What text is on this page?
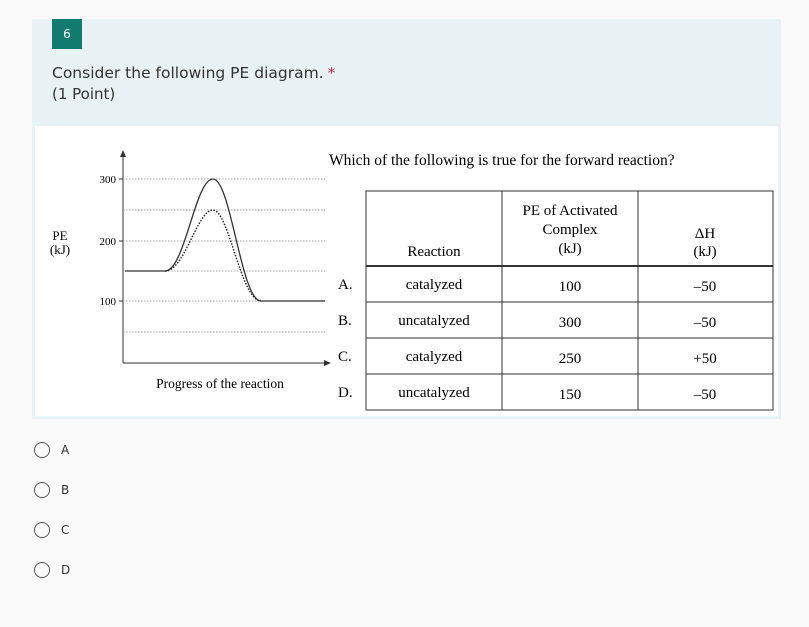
6
Consider the following PE diagram. *
(1 Point)
PE
(kJ)
300
200
100
Progress of the reaction
Which of the following is true for the forward reaction?
Reaction
PE of Activated
Complex
(kJ)
ΔH
(kJ)
A.	catalyzed	100	–50
B.	uncatalyzed	300	–50
C.	catalyzed	250	+50
D.	uncatalyzed	150	–50
A
B
C
D
